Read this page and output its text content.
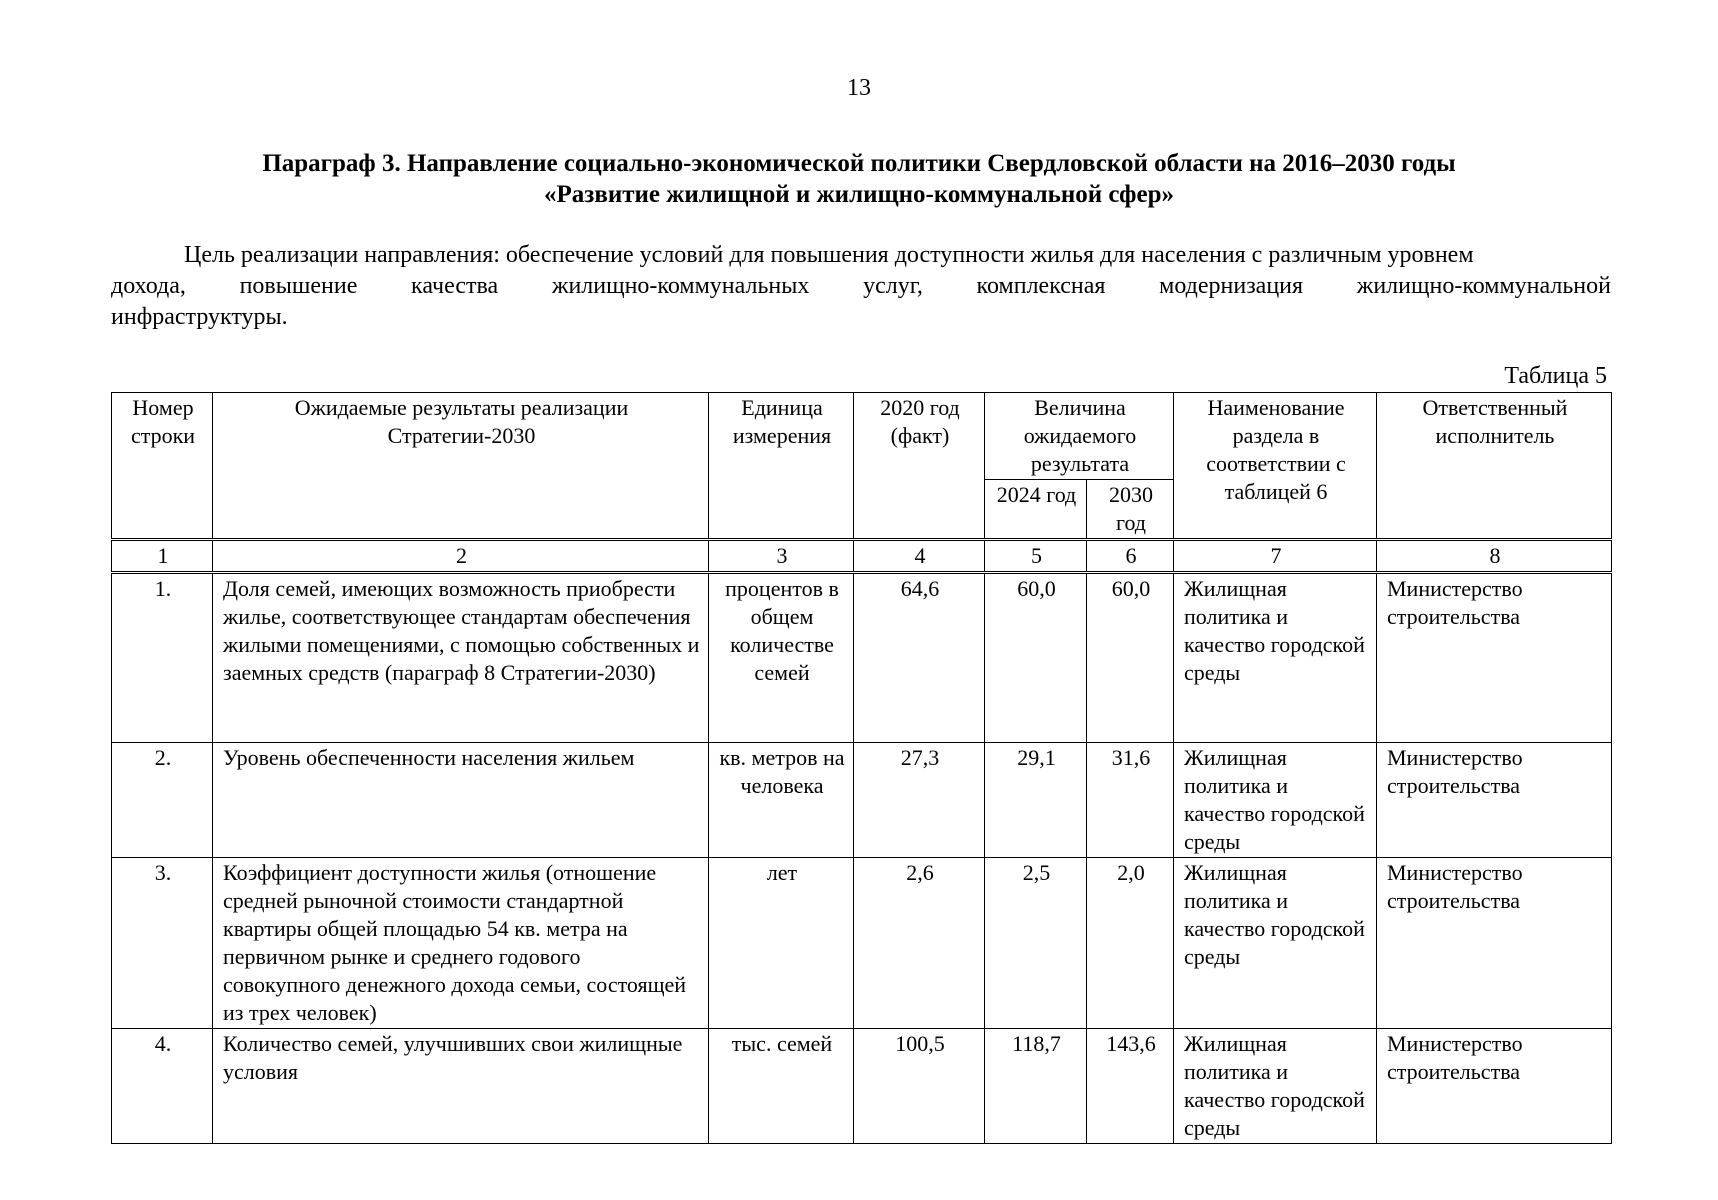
13
Параграф 3. Направление социально-экономической политики Свердловской области на 2016–2030 годы
«Развитие жилищной и жилищно-коммунальной сфер»
Цель реализации направления: обеспечение условий для повышения доступности жилья для населения с различным уровнем
дохода, повышение качества жилищно-коммунальных услуг, комплексная модернизация жилищно-коммунальной
инфраструктуры.
Таблица 5
Номер строки	Ожидаемые результаты реализации Стратегии-2030	Единица измерения	2020 год (факт)	Величина ожидаемого результата		Наименование раздела в соответствии с таблицей 6	Ответственный исполнитель
				2024 год	2030 год		
1	2	3	4	5	6	7	8
1.	Доля семей, имеющих возможность приобрести жилье, соответствующее стандартам обеспечения жилыми помещениями, с помощью собственных и заемных средств (параграф 8 Стратегии-2030)	процентов в общем количестве семей	64,6	60,0	60,0	Жилищная политика и качество городской среды	Министерство строительства
2.	Уровень обеспеченности населения жильем	кв. метров на человека	27,3	29,1	31,6	Жилищная политика и качество городской среды	Министерство строительства
3.	Коэффициент доступности жилья (отношение средней рыночной стоимости стандартной квартиры общей площадью 54 кв. метра на первичном рынке и среднего годового совокупного денежного дохода семьи, состоящей из трех человек)	лет	2,6	2,5	2,0	Жилищная политика и качество городской среды	Министерство строительства
4.	Количество семей, улучшивших свои жилищные условия	тыс. семей	100,5	118,7	143,6	Жилищная политика и качество городской среды	Министерство строительства
